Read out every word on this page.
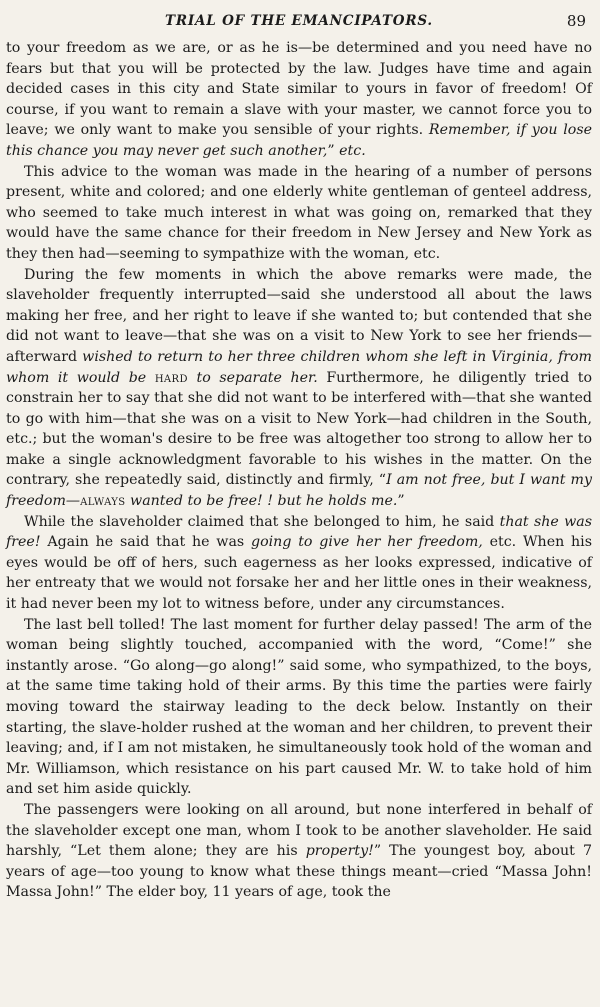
TRIAL OF THE EMANCIPATORS.	89

to your freedom as we are, or as he is—be determined and you need have no fears but that you will be protected by the law. Judges have time and again decided cases in this city and State similar to yours in favor of freedom! Of course, if you want to remain a slave with your master, we cannot force you to leave; we only want to make you sensible of your rights. Remember, if you lose this chance you may never get such another,” etc.

This advice to the woman was made in the hearing of a number of persons present, white and colored; and one elderly white gentleman of genteel address, who seemed to take much interest in what was going on, remarked that they would have the same chance for their freedom in New Jersey and New York as they then had—seeming to sympathize with the woman, etc.

During the few moments in which the above remarks were made, the slaveholder frequently interrupted—said she understood all about the laws making her free, and her right to leave if she wanted to; but contended that she did not want to leave—that she was on a visit to New York to see her friends—afterward wished to return to her three children whom she left in Virginia, from whom it would be hard to separate her. Furthermore, he diligently tried to constrain her to say that she did not want to be interfered with—that she wanted to go with him—that she was on a visit to New York—had children in the South, etc.; but the woman's desire to be free was altogether too strong to allow her to make a single acknowledgment favorable to his wishes in the matter. On the contrary, she repeatedly said, distinctly and firmly, “I am not free, but I want my freedom—always wanted to be free! ! but he holds me.”

While the slaveholder claimed that she belonged to him, he said that she was free! Again he said that he was going to give her her freedom, etc. When his eyes would be off of hers, such eagerness as her looks expressed, indicative of her entreaty that we would not forsake her and her little ones in their weakness, it had never been my lot to witness before, under any circumstances.

The last bell tolled! The last moment for further delay passed! The arm of the woman being slightly touched, accompanied with the word, “Come!” she instantly arose. “Go along—go along!” said some, who sympathized, to the boys, at the same time taking hold of their arms. By this time the parties were fairly moving toward the stairway leading to the deck below. Instantly on their starting, the slave-holder rushed at the woman and her children, to prevent their leaving; and, if I am not mistaken, he simultaneously took hold of the woman and Mr. Williamson, which resistance on his part caused Mr. W. to take hold of him and set him aside quickly.

The passengers were looking on all around, but none interfered in behalf of the slaveholder except one man, whom I took to be another slaveholder. He said harshly, “Let them alone; they are his property!” The youngest boy, about 7 years of age—too young to know what these things meant—cried “Massa John! Massa John!” The elder boy, 11 years of age, took the
